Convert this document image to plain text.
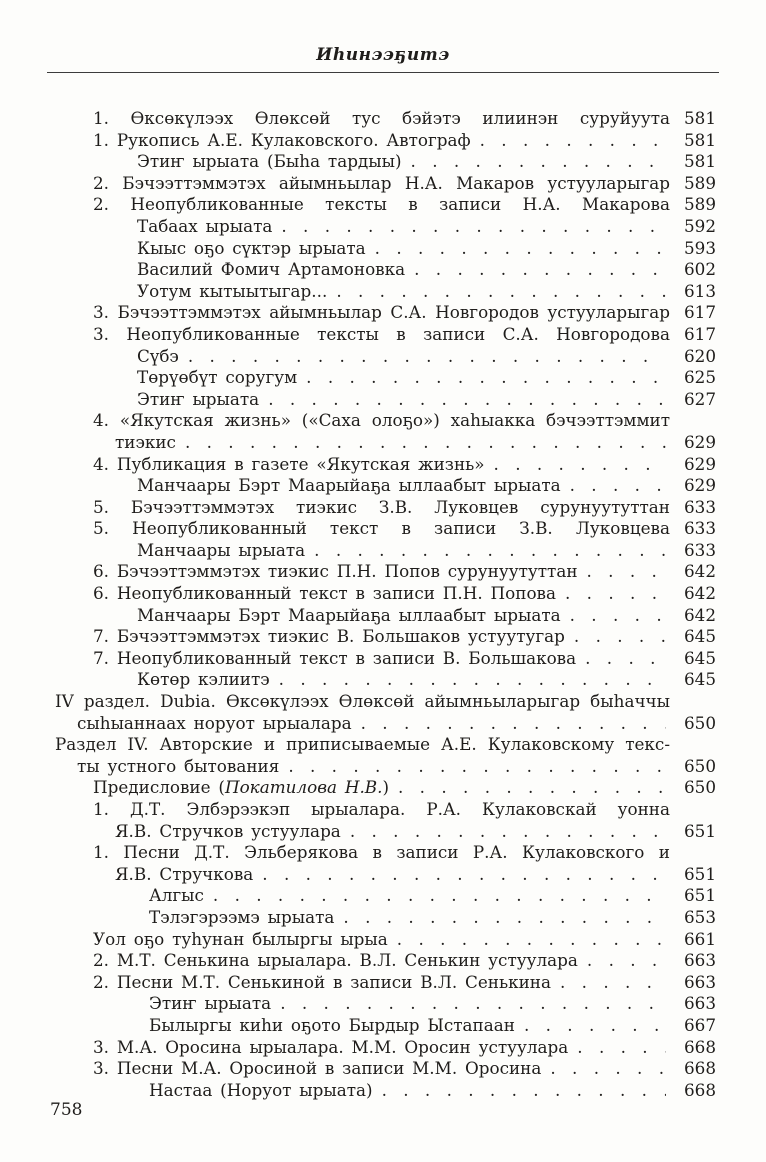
Иһинээҕитэ
1. Өксөкүлээх Өлөксөй тус бэйэтэ илиинэн суруйуута 581
1. Рукопись А.Е. Кулаковского. Автограф . . .	581
Этиҥ ырыата (Быһа тардыы) . . .	581
2. Бэчээттэммэтэх айымньылар Н.А. Макаров устууларыгар 589
2. Неопубликованные тексты в записи Н.А. Макарова 589
Табаах ырыата . . .	592
Кыыс оҕо сүктэр ырыата . . .	593
Василий Фомич Артамоновка . . .	602
Уотум кытыытыгар... . . .	613
3. Бэчээттэммэтэх айымньылар С.А. Новгородов устууларыгар 617
3. Неопубликованные тексты в записи С.А. Новгородова 617
Сүбэ . . .	620
Төрүөбүт соругум . . .	625
Этиҥ ырыата . . .	627
4. «Якутская жизнь» («Саха олоҕо») хаһыакка бэчээттэммит
тиэкис . . .	629
4. Публикация в газете «Якутская жизнь» . . .	629
Манчаары Бэрт Маарыйаҕа ыллаабыт ырыата . . .	629
5. Бэчээттэммэтэх тиэкис З.В. Луковцев сурунуутуттан 633
5. Неопубликованный текст в записи З.В. Луковцева 633
Манчаары ырыата . . .	633
6. Бэчээттэммэтэх тиэкис П.Н. Попов сурунуутуттан . . .	642
6. Неопубликованный текст в записи П.Н. Попова . . .	642
Манчаары Бэрт Маарыйаҕа ыллаабыт ырыата . . .	642
7. Бэчээттэммэтэх тиэкис В. Большаков устуутугар . . .	645
7. Неопубликованный текст в записи В. Большакова . . .	645
Көтөр кэлиитэ . . .	645
IV раздел. Dubia. Өксөкүлээх Өлөксөй айымньыларыгар быһаччы
сыһыаннаах норуот ырыалара . . .	650
Раздел IV. Авторские и приписываемые А.Е. Кулаковскому текс-
ты устного бытования . . .	650
Предисловие (Покатилова Н.В.) . . .	650
1. Д.Т. Элбэрээкэп ырыалара. Р.А. Кулаковскай уонна
Я.В. Стручков устуулара . . .	651
1. Песни Д.Т. Эльберякова в записи Р.А. Кулаковского и
Я.В. Стручкова . . .	651
Алгыс . . .	651
Тэлэгэрээмэ ырыата . . .	653
Уол оҕо туһунан былыргы ырыа . . .	661
2. М.Т. Сенькина ырыалара. В.Л. Сенькин устуулара . . .	663
2. Песни М.Т. Сенькиной в записи В.Л. Сенькина . . .	663
Этиҥ ырыата . . .	663
Былыргы киһи оҕото Бырдыр Ыстапаан . . .	667
3. М.А. Оросина ырыалара. М.М. Оросин устуулара . . .	668
3. Песни М.А. Оросиной в записи М.М. Оросина . . .	668
Настаа (Норуот ырыата) . . .	668
758
